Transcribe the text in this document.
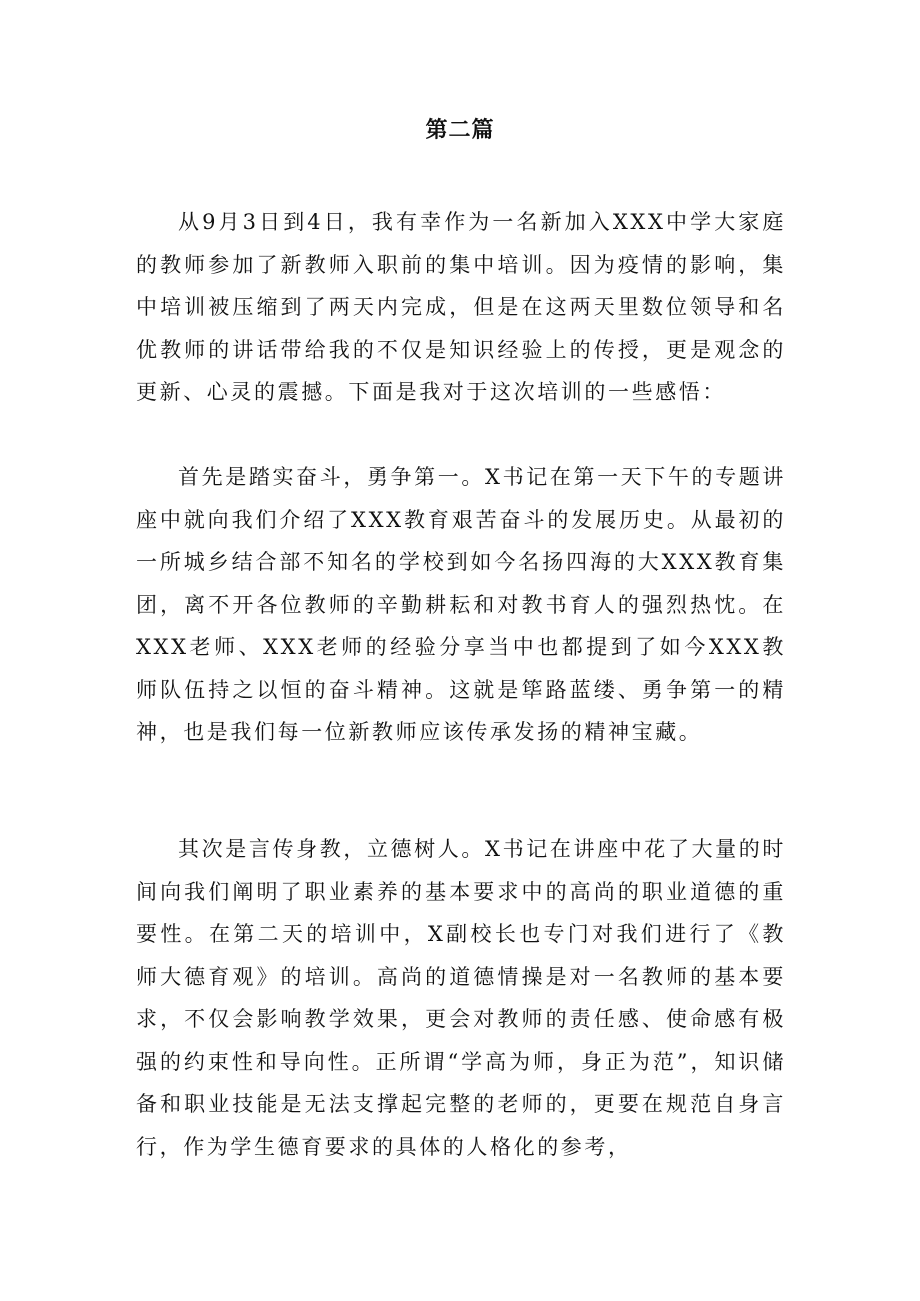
第二篇

从9月3日到4日，我有幸作为一名新加入XXX中学大家庭的教师参加了新教师入职前的集中培训。因为疫情的影响，集中培训被压缩到了两天内完成，但是在这两天里数位领导和名优教师的讲话带给我的不仅是知识经验上的传授，更是观念的更新、心灵的震撼。下面是我对于这次培训的一些感悟：

首先是踏实奋斗，勇争第一。X书记在第一天下午的专题讲座中就向我们介绍了XXX教育艰苦奋斗的发展历史。从最初的一所城乡结合部不知名的学校到如今名扬四海的大XXX教育集团，离不开各位教师的辛勤耕耘和对教书育人的强烈热忱。在XXX老师、XXX老师的经验分享当中也都提到了如今XXX教师队伍持之以恒的奋斗精神。这就是筚路蓝缕、勇争第一的精神，也是我们每一位新教师应该传承发扬的精神宝藏。

其次是言传身教，立德树人。X书记在讲座中花了大量的时间向我们阐明了职业素养的基本要求中的高尚的职业道德的重要性。在第二天的培训中，X副校长也专门对我们进行了《教师大德育观》的培训。高尚的道德情操是对一名教师的基本要求，不仅会影响教学效果，更会对教师的责任感、使命感有极强的约束性和导向性。正所谓“学高为师，身正为范”，知识储备和职业技能是无法支撑起完整的老师的，更要在规范自身言行，作为学生德育要求的具体的人格化的参考，
